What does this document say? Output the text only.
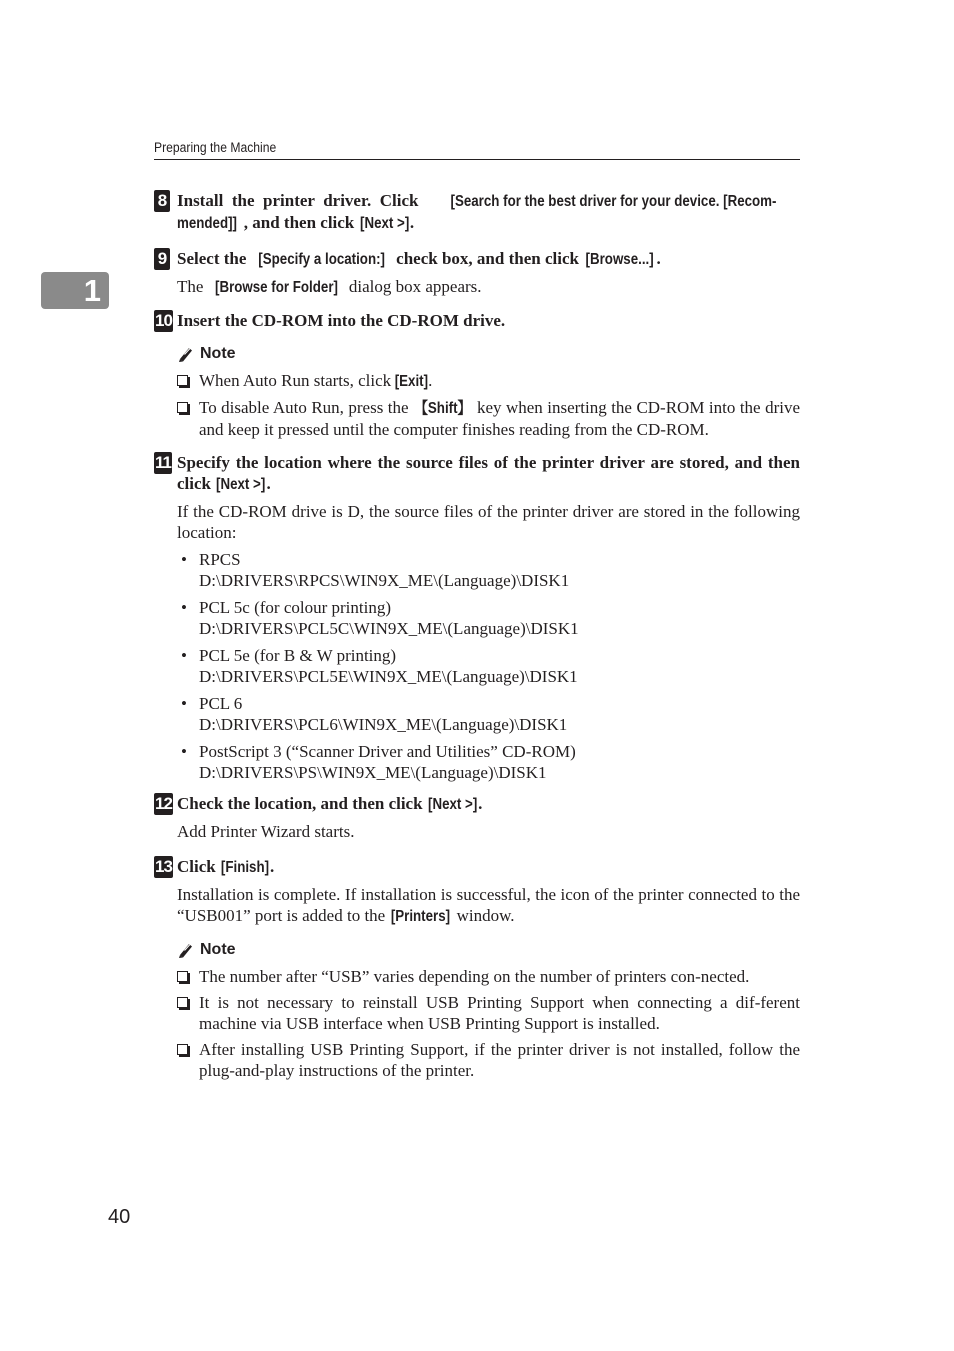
Preparing the Machine
1
8 Install the printer driver. Click [Search for the best driver for your device. [Recom- mended]] , and then click [Next >].
9 Select the [Specify a location:] check box, and then click [Browse...] .
The [Browse for Folder] dialog box appears.
10 Insert the CD-ROM into the CD-ROM drive.
Note
When Auto Run starts, click [Exit].
To disable Auto Run, press the 【Shift】 key when inserting the CD-ROM into the drive and keep it pressed until the computer finishes reading from the CD-ROM.
11 Specify the location where the source files of the printer driver are stored, and then click [Next >].
If the CD-ROM drive is D, the source files of the printer driver are stored in the following location:
• RPCS
D:\DRIVERS\RPCS\WIN9X_ME\(Language)\DISK1
• PCL 5c (for colour printing)
D:\DRIVERS\PCL5C\WIN9X_ME\(Language)\DISK1
• PCL 5e (for B & W printing)
D:\DRIVERS\PCL5E\WIN9X_ME\(Language)\DISK1
• PCL 6
D:\DRIVERS\PCL6\WIN9X_ME\(Language)\DISK1
• PostScript 3 (“Scanner Driver and Utilities” CD-ROM)
D:\DRIVERS\PS\WIN9X_ME\(Language)\DISK1
12 Check the location, and then click [Next >].
Add Printer Wizard starts.
13 Click [Finish].
Installation is complete. If installation is successful, the icon of the printer connected to the “USB001” port is added to the [Printers] window.
Note
The number after “USB” varies depending on the number of printers con-nected.
It is not necessary to reinstall USB Printing Support when connecting a dif-ferent machine via USB interface when USB Printing Support is installed.
After installing USB Printing Support, if the printer driver is not installed, follow the plug-and-play instructions of the printer.
40
